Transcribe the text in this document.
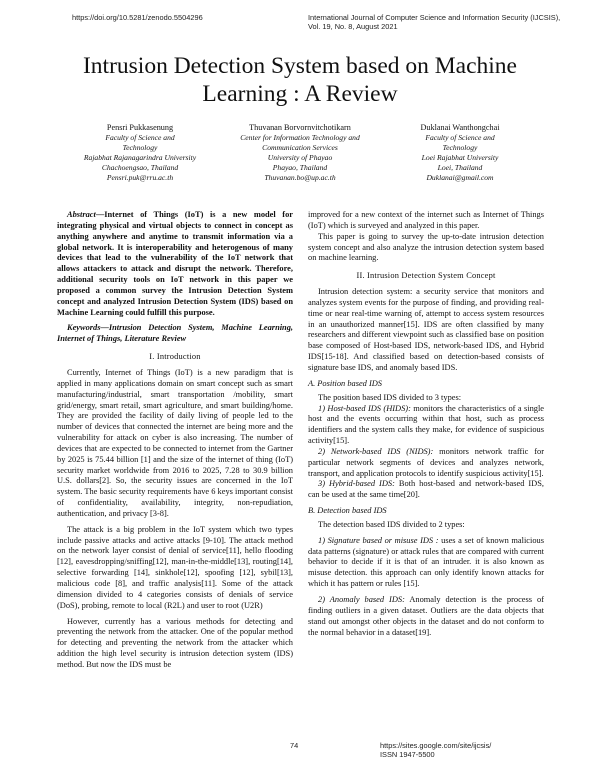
https://doi.org/10.5281/zenodo.5504296	International Journal of Computer Science and Information Security (IJCSIS),
Vol. 19, No. 8, August 2021
Intrusion Detection System based on Machine
Learning : A Review
Pensri Pukkasenung
Faculty of Science and
Technology
Rajabhat Rajanagarindra University
Chachoengsao, Thailand
Pensri.puk@rru.ac.th
Thuvanan Borvornvitchotikarn
Center for Information Technology and
Communication Services
University of Phayao
Phayao, Thailand
Thuvanan.bo@up.ac.th
Duklanai Wanthongchai
Faculty of Science and
Technology
Loei Rajabhat University
Loei, Thailand
Duklanai@gmail.com

Abstract—Internet of Things (IoT) is a new model for integrating physical and virtual objects to connect in concept as anything anywhere and anytime to transmit information via a global network. It is interoperability and heterogenous of many devices that lead to the vulnerability of the IoT network that allows attackers to attack and disrupt the network. Therefore, additional security tools on IoT network in this paper we proposed a common survey the Intrusion Detection System concept and analyzed Intrusion Detection System (IDS) based on Machine Learning could fulfill this purpose.

Keywords—Intrusion Detection System, Machine Learning, Internet of Things, Literature Review

I. Introduction

Currently, Internet of Things (IoT) is a new paradigm that is applied in many applications domain on smart concept such as smart manufacturing/industrial, smart transportation /mobility, smart grid/energy, smart retail, smart agriculture, and smart building/home. They are provided the facility of daily living of people led to the number of devices that connected the internet are being more and the vulnerability for attack on cyber is also increasing. The number of devices that are expected to be connected to internet from the Gartner by 2025 is 75.44 billion [1] and the size of the internet of thing (IoT) security market worldwide from 2016 to 2025, 7.28 to 30.9 billion U.S. dollars[2]. So, the security issues are concerned in the IoT system. The basic security requirements have 6 keys important consist of confidentiality, availability, integrity, non-repudiation, authentication, and privacy [3-8].

The attack is a big problem in the IoT system which two types include passive attacks and active attacks [9-10]. The attack method on the network layer consist of denial of service[11], hello flooding [12], eavesdropping/sniffing[12], man-in-the-middle[13], routing[14], selective forwarding [14], sinkhole[12], spoofing [12], sybil[13], malicious code [8], and traffic analysis[11]. Some of the attack dimension divided to 4 categories consists of denials of service (DoS), probing, remote to local (R2L) and user to root (U2R)

However, currently has a various methods for detecting and preventing the network from the attacker. One of the popular method for detecting and preventing the network from the attacker which addition the high level security is intrusion detection system (IDS) method. But now the IDS must be

improved for a new context of the internet such as Internet of Things (IoT) which is surveyed and analyzed in this paper.

This paper is going to survey the up-to-date intrusion detection system concept and also analyze the intrusion detection system based on machine learning.

II. Intrusion Detection System Concept

Intrusion detection system: a security service that monitors and analyzes system events for the purpose of finding, and providing real-time or near real-time warning of, attempt to access system resources in an unauthorized manner[15]. IDS are often classified by many researchers and different viewpoint such as classified base on position base composed of Host-based IDS, network-based IDS, and Hybrid IDS[15-18]. And classified based on detection-based consists of signature base IDS, and anomaly based IDS.

A. Position based IDS

The position based IDS divided to 3 types:

1) Host-based IDS (HIDS): monitors the characteristics of a single host and the events occurring within that host, such as process identifiers and the system calls they make, for evidence of suspicious activity[15].

2) Network-based IDS (NIDS): monitors network traffic for particular network segments of devices and analyzes network, transport, and application protocols to identify suspicious activity[15].

3) Hybrid-based IDS: Both host-based and network-based IDS, can be used at the same time[20].

B. Detection based IDS

The detection based IDS divided to 2 types:

1) Signature based or misuse IDS : uses a set of known malicious data patterns (signature) or attack rules that are compared with current behavior to decide if it is that of an intruder. it is also known as misuse detection. this approach can only identify known attacks for which it has pattern or rules [15].

2) Anomaly based IDS: Anomaly detection is the process of finding outliers in a given dataset. Outliers are the data objects that stand out amongst other objects in the dataset and do not conform to the normal behavior in a dataset[19].

74	https://sites.google.com/site/ijcsis/
ISSN 1947-5500
